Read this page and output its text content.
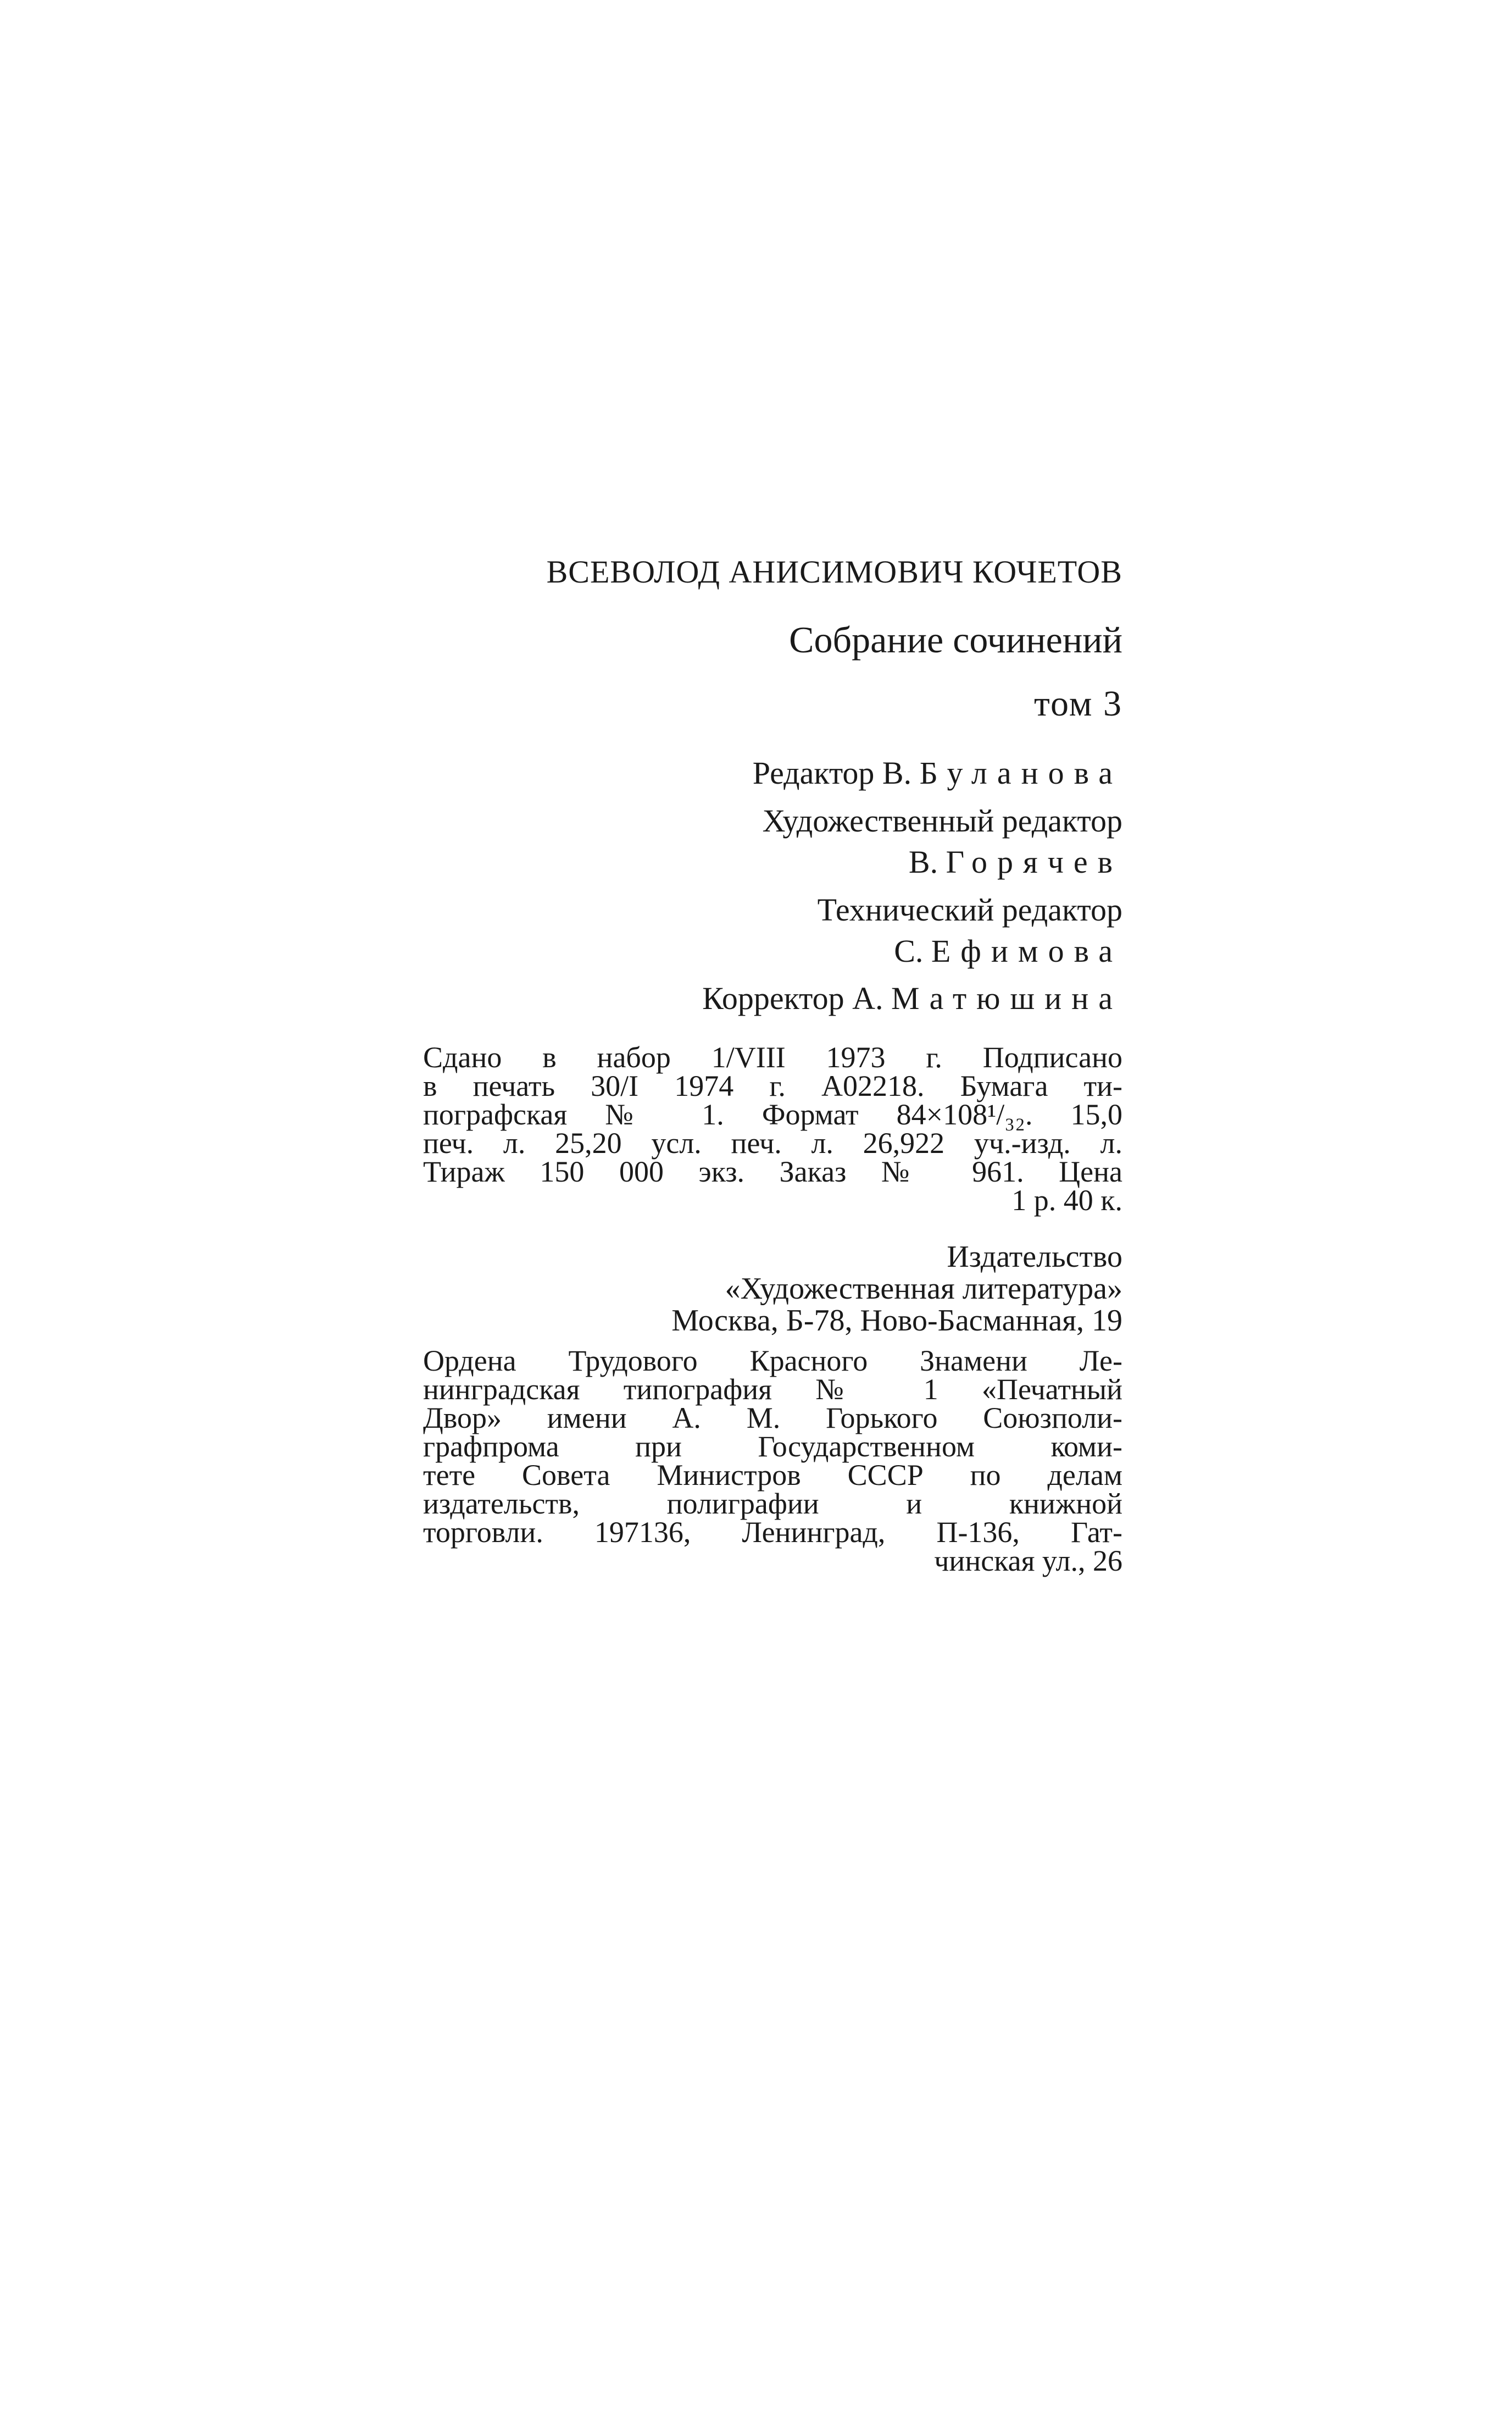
ВСЕВОЛОД АНИСИМОВИЧ КОЧЕТОВ
Собрание сочинений
том 3
Редактор В. Буланова
Художественный редактор
В. Горячев
Технический редактор
С. Ефимова
Корректор А. Матюшина
Сдано в набор 1/VIII 1973 г. Подписано
в печать 30/I 1974 г. А02218. Бумага ти-
пографская № 1. Формат 84×108¹/₃₂. 15,0
печ. л. 25,20 усл. печ. л. 26,922 уч.-изд. л.
Тираж 150 000 экз. Заказ № 961. Цена
1 р. 40 к.
Издательство
«Художественная литература»
Москва, Б-78, Ново-Басманная, 19
Ордена Трудового Красного Знамени Ле-
нинградская типография № 1 «Печатный
Двор» имени А. М. Горького Союзполи-
графпрома при Государственном коми-
тете Совета Министров СССР по делам
издательств, полиграфии и книжной
торговли. 197136, Ленинград, П-136, Гат-
чинская ул., 26
